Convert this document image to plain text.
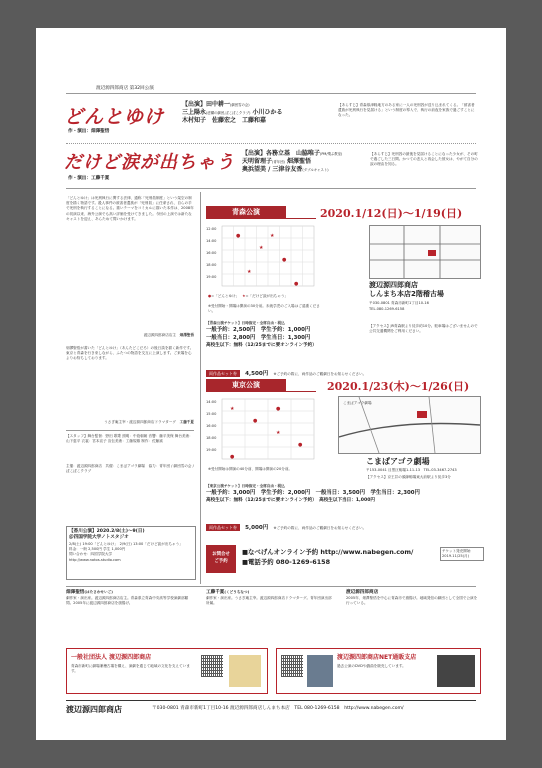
渡辺源四郎商店 第32回公演
どんとゆけ
作・演出：畑澤聖悟
【出演】田中耕一(劇団雪の会)
三上陽永(虚構の劇団,ぽこぽこクラブ) 小川ひかる
木村知子　佐藤宏之　工藤和嘉
【あらすじ】青森県津軽地方のある家に一人の死刑囚が送り込まれてくる。「被害者遺族が死刑執行を見届ける」という制度の導入で、執行の前夜を家族で過ごすことになった。
だけど涙が出ちゃう
作・演出：工藤千夏
【出演】各務立基　山脇唯子(PM/飛ぶ教室)
天明留理子(青年団) 畑澤聖悟
奥浜望美 / 三津谷友香(ダブルキャスト)
【あらすじ】死刑囚の最後を見届けることになった少女が、その町で過ごした三日間。かつての恋人と再会した彼女は、やがて自分の涙の理由を知る。
「どんとゆけ」は死刑執行に関する法律、通称「死刑員制度」という架空の制度を描く物語です。殺人事件の被害者遺族が「死刑員」に任命され、自らの手で死刑を執行することになる。重いテーマをコミカルに描いた本作は、2008年の初演以来、海外公演でも高い評価を受けてきました。今回の上演では新たなキャストを迎え、あらためて問いかけます。
渡辺源四郎商店店主　 畑澤聖悟
畑澤聖悟が書いた「どんとゆけ」（あんたどこだろ）の後日談を描く新作です。東京と青森を行き来しながら、ふたつの物語を交互に上演します。ご来場を心よりお待ちしております。
うさぎ庵主宰・渡辺源四郎商店ドラマターグ　 工藤千夏
【スタッフ】舞台監督：野田 歌歌 照明：中島朝朝 音響：藤平美保 舞台美術：山下恵平 衣裳：宮本宣子 宣伝美術：工藤規雄 制作：佐藤誠
主催：渡辺源四郎商店　共催：こまばアゴラ劇場　協力：青年団 / 劇団雪の会 / ぽこぽこクラブ
【香川公演】2020.2/8(土)～9(日)
＠四国学院大学ノトスタジオ
2/8(土) 19:00「どんとゆけ」　2/9(日) 13:00「だけど涙が出ちゃう」
料金：一般 2,500円 学生 1,000円
問い合わせ：四国学院大学
http://www.notos-studio.com
青森公演	2020.1/12(日)～1/19(日)
●
★
●
★
●
★
12:00
14:00
16:00
18:00
19:00
●=「どんとゆけ」　 ★=「だけど涙が出ちゃう」
※受付開始・開場は開演の30分前。未就学児のご入場はご遠慮ください。
渡辺源四郎商店
しんまち本店2階稽古場
〒030-0801 青森市新町1丁目10-16
TEL.080-1269-6158
【アクセス】JR青森駅より徒歩約10分。駐車場はございませんので公共交通機関をご利用ください。
【青森公演チケット】日時指定・全席自由・税込
一般予約：2,500円　 学生予約：1,000円
一般当日：2,800円　 学生当日：1,300円
高校生以下：無料（12/25までに要オンライン予約）
両作品セット券 4,500円 ※ご予約の際に、両作品のご観劇日をお知らせください。
東京公演	2020.1/23(木)～1/26(日)
★
●
★
●
●
●
14:00
15:00
16:00
18:00
19:00
※受付開始は開演の40分前、開場は開演の20分前。
こまばアゴラ劇場
こまばアゴラ劇場
〒153-0041 目黒区駒場1-11-13　 TEL.03-3467-2743
【アクセス】京王井の頭線駒場東大前駅より徒歩3分
【東京公演チケット】日時指定・全席自由・税込
一般予約：3,000円　 学生予約：2,000円　 一般当日：3,500円　 学生当日：2,300円
高校生以下：無料（12/25までに要オンライン予約）　 高校生以下当日：1,000円
両作品セット券 5,000円 ※ご予約の際に、両作品のご観劇日をお知らせください。
お問合せ
ご予約
■なべげんオンライン予約 http://www.nabegen.com/
■電話予約 080-1269-6158
チケット発売開始 2019.11/25(月)
畑澤聖悟(はたさわせいご)
劇作家・演出家。渡辺源四郎商店店主。青森県立青森中央高等学校演劇部顧問。2005年に渡辺源四郎商店を旗揚げ。
工藤千夏(くどうちなつ)
劇作家・演出家。うさぎ庵主宰。渡辺源四郎商店ドラマターグ。青年団演出部所属。
渡辺源四郎商店
2005年、畑澤聖悟を中心に青森市で旗揚げ。地域発信の劇団として全国で公演を行っている。
一般社団法人 渡辺源四郎商店
青森市新町に劇場兼稽古場を構え、演劇を通じて地域の文化を支えています。
渡辺源四郎商店NET通販支店
過去公演のDVDや戯曲を販売しています。
渡辺源四郎商店	〒030-0801 青森市新町1丁目10-16 渡辺源四郎商店しんまち本店　 TEL 080-1269-6158　 http://www.nabegen.com/
